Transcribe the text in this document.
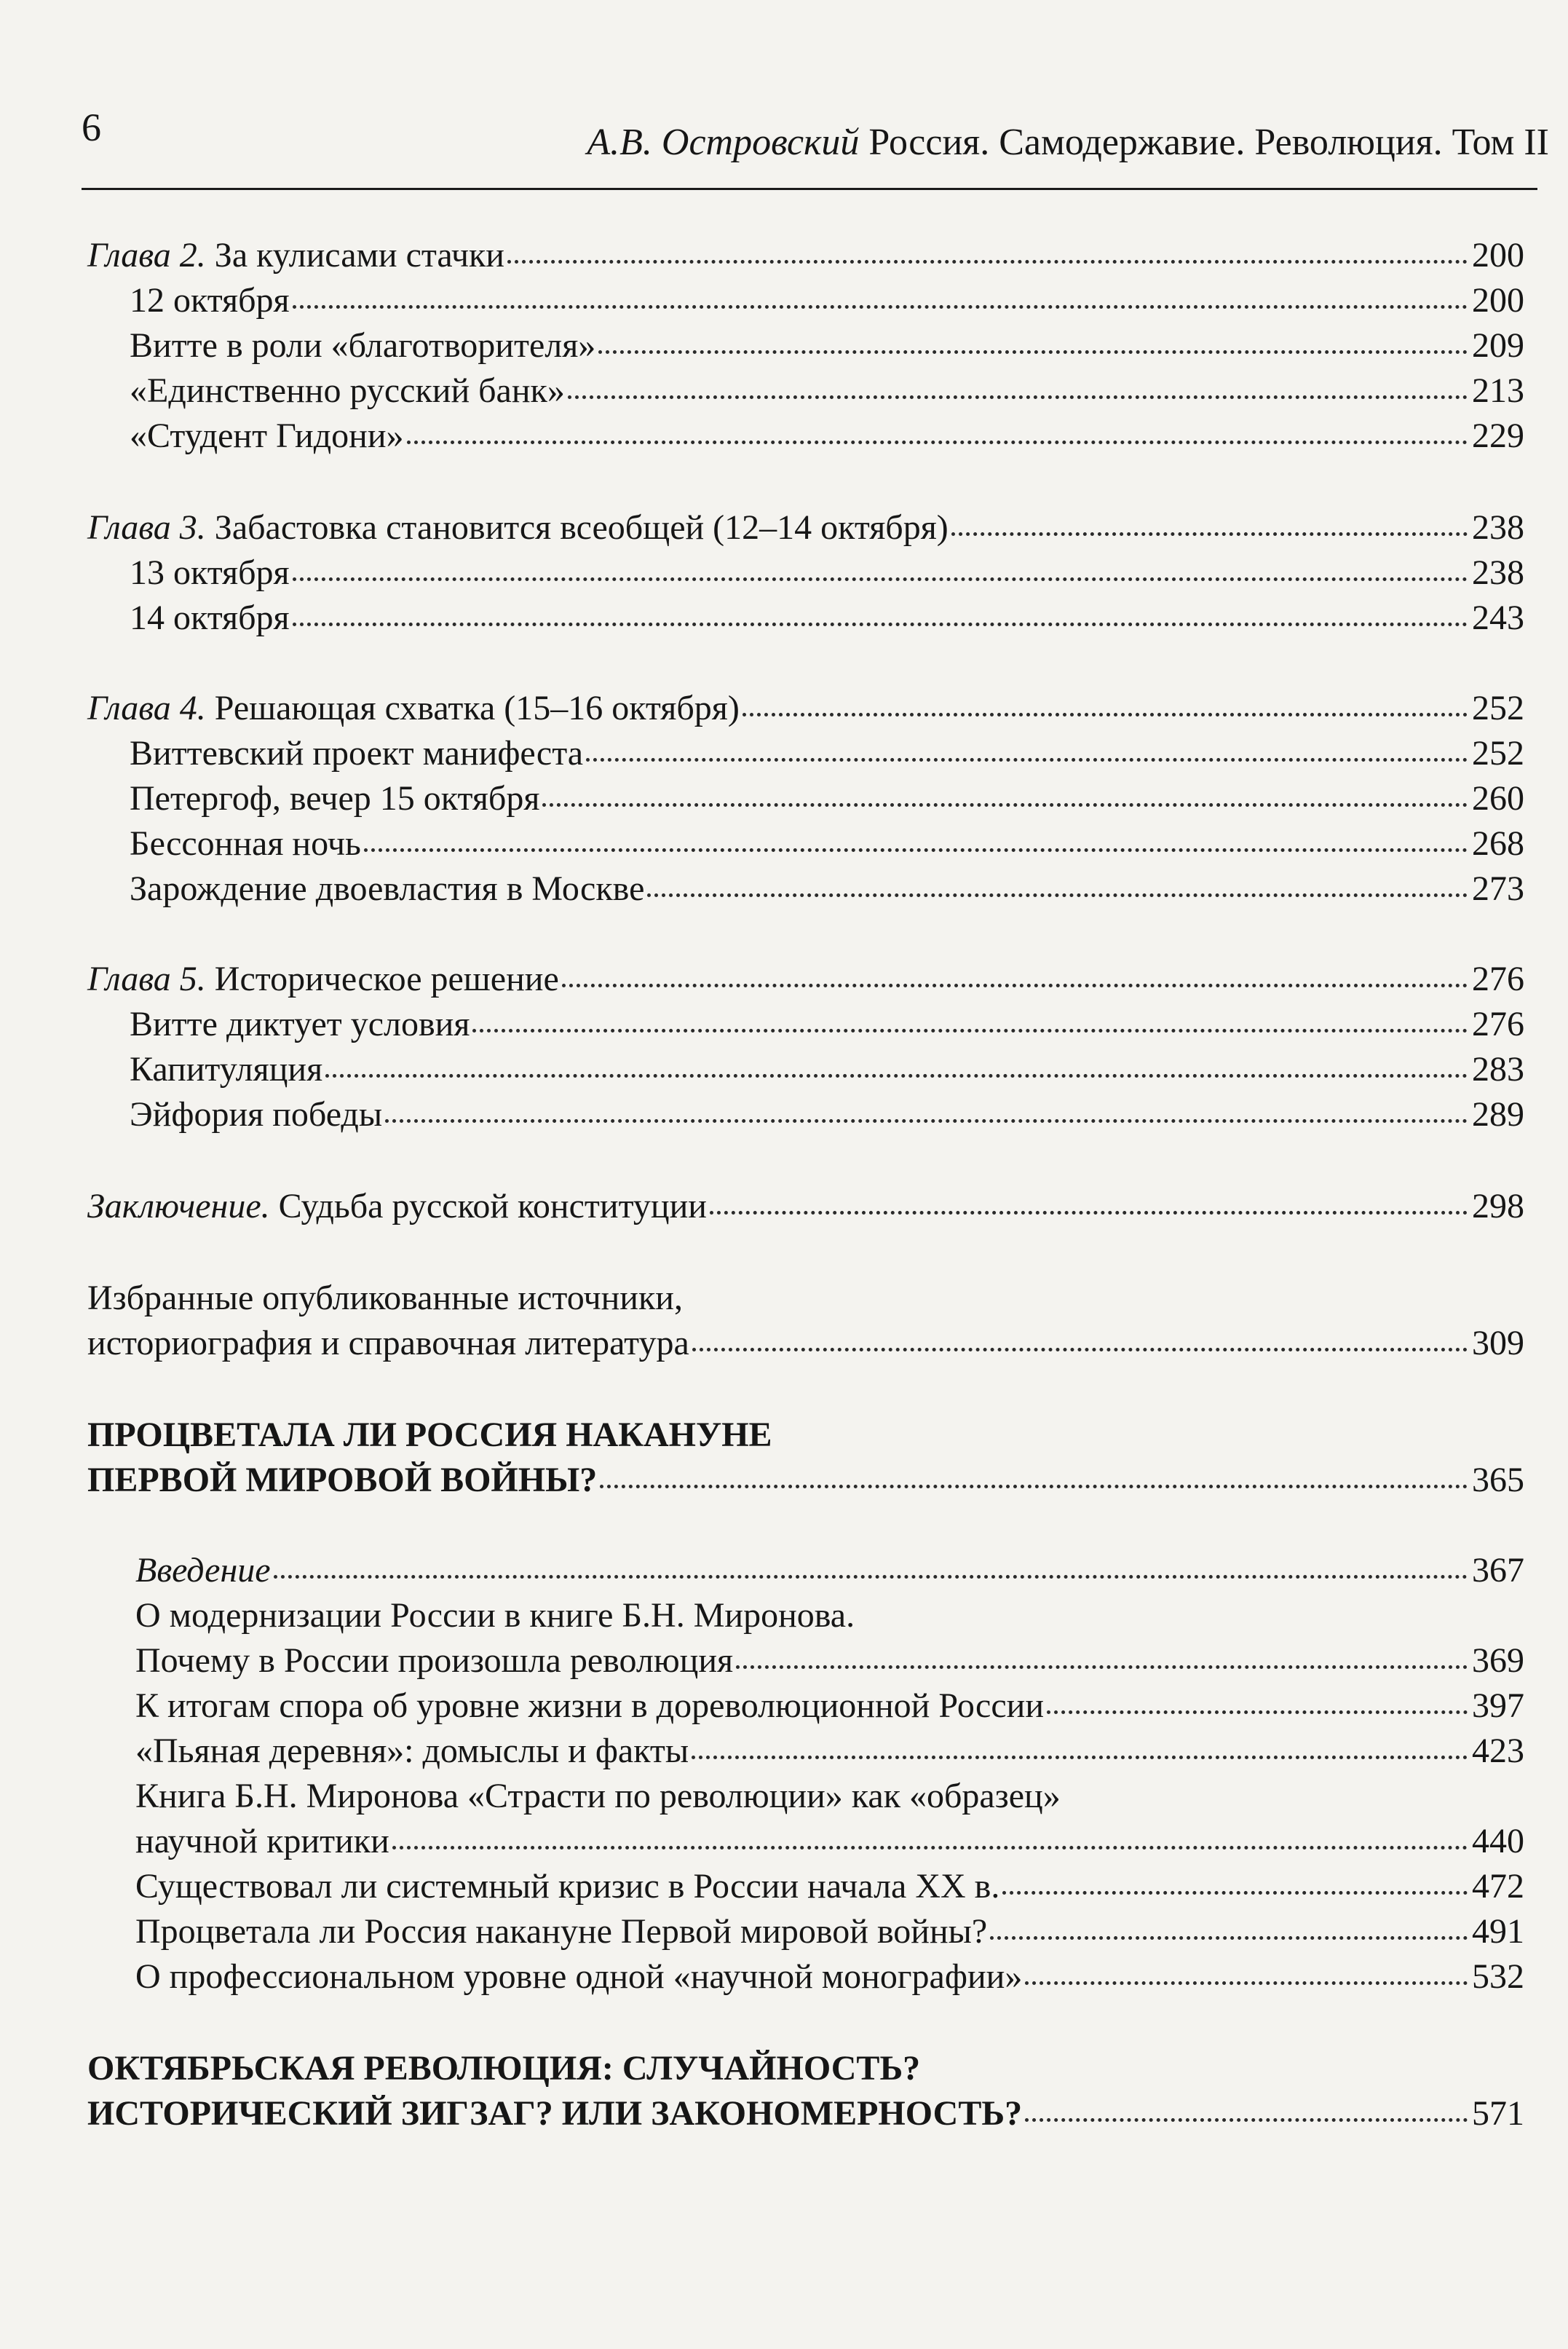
6	А.В. Островский Россия. Самодержавие. Революция. Том II
Глава 2. За кулисами стачки	200
12 октября	200
Витте в роли «благотворителя»	209
«Единственно русский банк»	213
«Студент Гидони»	229
Глава 3. Забастовка становится всеобщей (12–14 октября)	238
13 октября	238
14 октября	243
Глава 4. Решающая схватка (15–16 октября)	252
Виттевский проект манифеста	252
Петергоф, вечер 15 октября	260
Бессонная ночь	268
Зарождение двоевластия в Москве	273
Глава 5. Историческое решение	276
Витте диктует условия	276
Капитуляция	283
Эйфория победы	289
Заключение. Судьба русской конституции	298
Избранные опубликованные источники,
историография и справочная литература	309
ПРОЦВЕТАЛА ЛИ РОССИЯ НАКАНУНЕ
ПЕРВОЙ МИРОВОЙ ВОЙНЫ?	365
Введение	367
О модернизации России в книге Б.Н. Миронова.
Почему в России произошла революция	369
К итогам спора об уровне жизни в дореволюционной России	397
«Пьяная деревня»: домыслы и факты	423
Книга Б.Н. Миронова «Страсти по революции» как «образец»
научной критики	440
Существовал ли системный кризис в России начала XX в.	472
Процветала ли Россия накануне Первой мировой войны?	491
О профессиональном уровне одной «научной монографии»	532
ОКТЯБРЬСКАЯ РЕВОЛЮЦИЯ: СЛУЧАЙНОСТЬ?
ИСТОРИЧЕСКИЙ ЗИГЗАГ? ИЛИ ЗАКОНОМЕРНОСТЬ?	571
